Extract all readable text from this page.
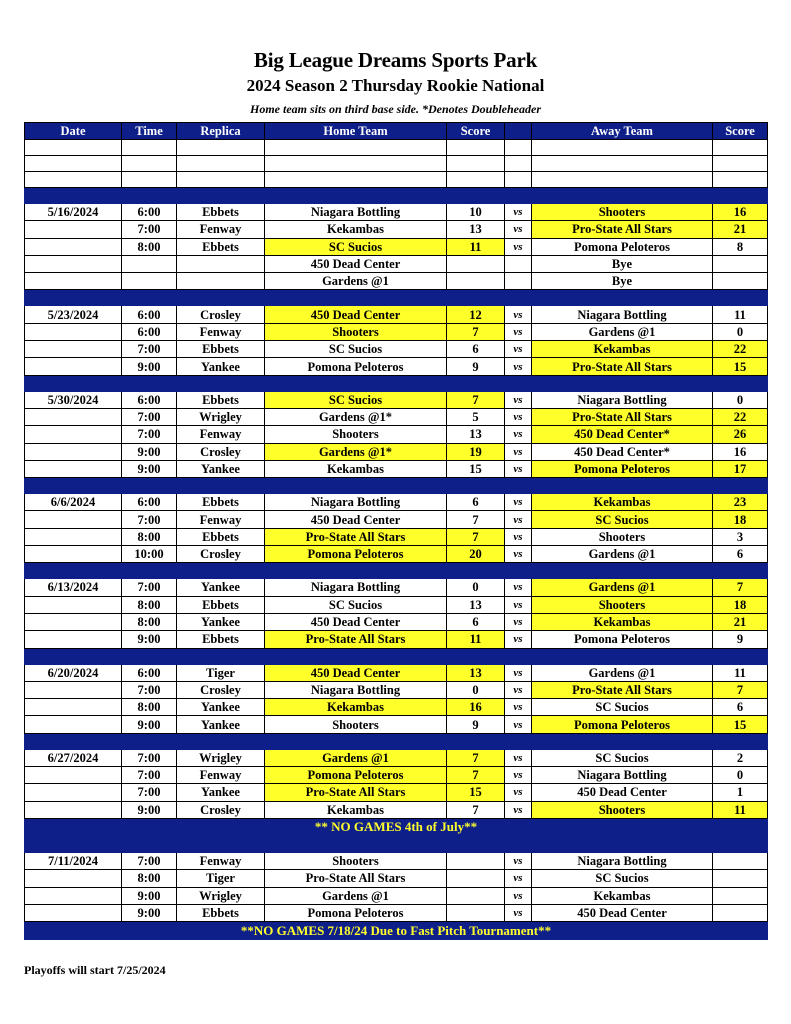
Big League Dreams Sports Park
2024 Season 2 Thursday Rookie National
Home team sits on third base side. *Denotes Doubleheader
Date	Time	Replica	Home Team	Score		Away Team	Score

5/16/2024	6:00	Ebbets	Niagara Bottling	10	vs	Shooters	16
	7:00	Fenway	Kekambas	13	vs	Pro-State All Stars	21
	8:00	Ebbets	SC Sucios	11	vs	Pomona Peloteros	8
			450 Dead Center			Bye	
			Gardens @1			Bye	

5/23/2024	6:00	Crosley	450 Dead Center	12	vs	Niagara Bottling	11
	6:00	Fenway	Shooters	7	vs	Gardens @1	0
	7:00	Ebbets	SC Sucios	6	vs	Kekambas	22
	9:00	Yankee	Pomona Peloteros	9	vs	Pro-State All Stars	15

5/30/2024	6:00	Ebbets	SC Sucios	7	vs	Niagara Bottling	0
	7:00	Wrigley	Gardens @1*	5	vs	Pro-State All Stars	22
	7:00	Fenway	Shooters	13	vs	450 Dead Center*	26
	9:00	Crosley	Gardens @1*	19	vs	450 Dead Center*	16
	9:00	Yankee	Kekambas	15	vs	Pomona Peloteros	17

6/6/2024	6:00	Ebbets	Niagara Bottling	6	vs	Kekambas	23
	7:00	Fenway	450 Dead Center	7	vs	SC Sucios	18
	8:00	Ebbets	Pro-State All Stars	7	vs	Shooters	3
	10:00	Crosley	Pomona Peloteros	20	vs	Gardens @1	6

6/13/2024	7:00	Yankee	Niagara Bottling	0	vs	Gardens @1	7
	8:00	Ebbets	SC Sucios	13	vs	Shooters	18
	8:00	Yankee	450 Dead Center	6	vs	Kekambas	21
	9:00	Ebbets	Pro-State All Stars	11	vs	Pomona Peloteros	9

6/20/2024	6:00	Tiger	450 Dead Center	13	vs	Gardens @1	11
	7:00	Crosley	Niagara Bottling	0	vs	Pro-State All Stars	7
	8:00	Yankee	Kekambas	16	vs	SC Sucios	6
	9:00	Yankee	Shooters	9	vs	Pomona Peloteros	15

6/27/2024	7:00	Wrigley	Gardens @1	7	vs	SC Sucios	2
	7:00	Fenway	Pomona Peloteros	7	vs	Niagara Bottling	0
	7:00	Yankee	Pro-State All Stars	15	vs	450 Dead Center	1
	9:00	Crosley	Kekambas	7	vs	Shooters	11
** NO GAMES 4th of July**							

7/11/2024	7:00	Fenway	Shooters		vs	Niagara Bottling	
	8:00	Tiger	Pro-State All Stars		vs	SC Sucios	
	9:00	Wrigley	Gardens @1		vs	Kekambas	
	9:00	Ebbets	Pomona Peloteros		vs	450 Dead Center	
**NO GAMES 7/18/24 Due to Fast Pitch Tournament**							
Playoffs will start 7/25/2024
